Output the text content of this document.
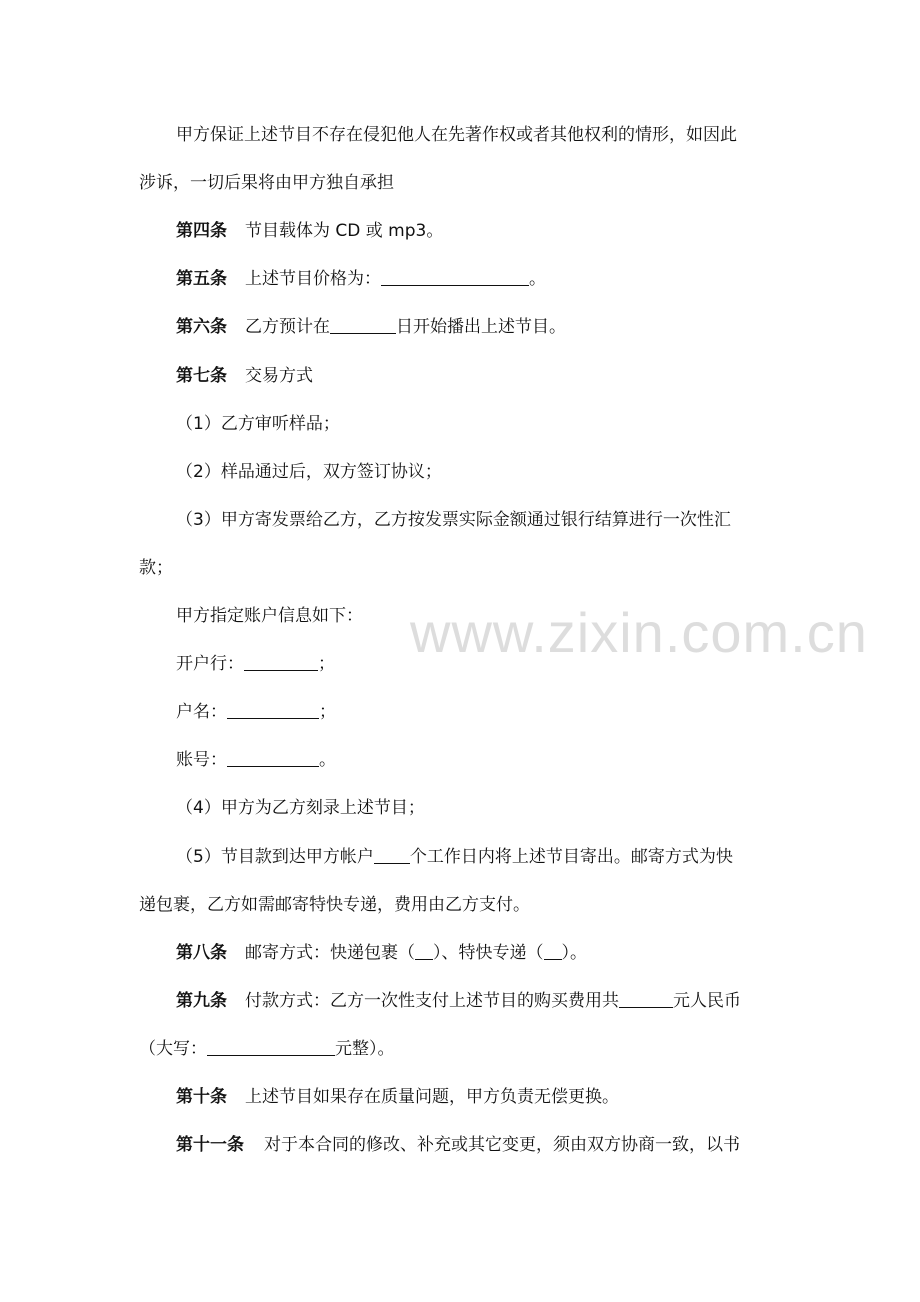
甲方保证上述节目不存在侵犯他人在先著作权或者其他权利的情形，如因此
涉诉，一切后果将由甲方独自承担
第四条 节目载体为 CD 或 mp3。
第五条 上述节目价格为：	。
第六条 乙方预计在	日开始播出上述节目。
第七条 交易方式
（1）乙方审听样品；
（2）样品通过后，双方签订协议；
（3）甲方寄发票给乙方，乙方按发票实际金额通过银行结算进行一次性汇
款；
甲方指定账户信息如下：
开户行：	；
户名：	；
账号：	。
（4）甲方为乙方刻录上述节目；
（5）节目款到达甲方帐户 个工作日内将上述节目寄出。邮寄方式为快
递包裹，乙方如需邮寄特快专递，费用由乙方支付。
第八条 邮寄方式：快递包裹（ ）、特快专递（ ）。
第九条 付款方式：乙方一次性支付上述节目的购买费用共	元人民币
（大写：	元整）。
第十条 上述节目如果存在质量问题，甲方负责无偿更换。
第十一条 对于本合同的修改、补充或其它变更，须由双方协商一致，以书
www.zixin.com.cn
